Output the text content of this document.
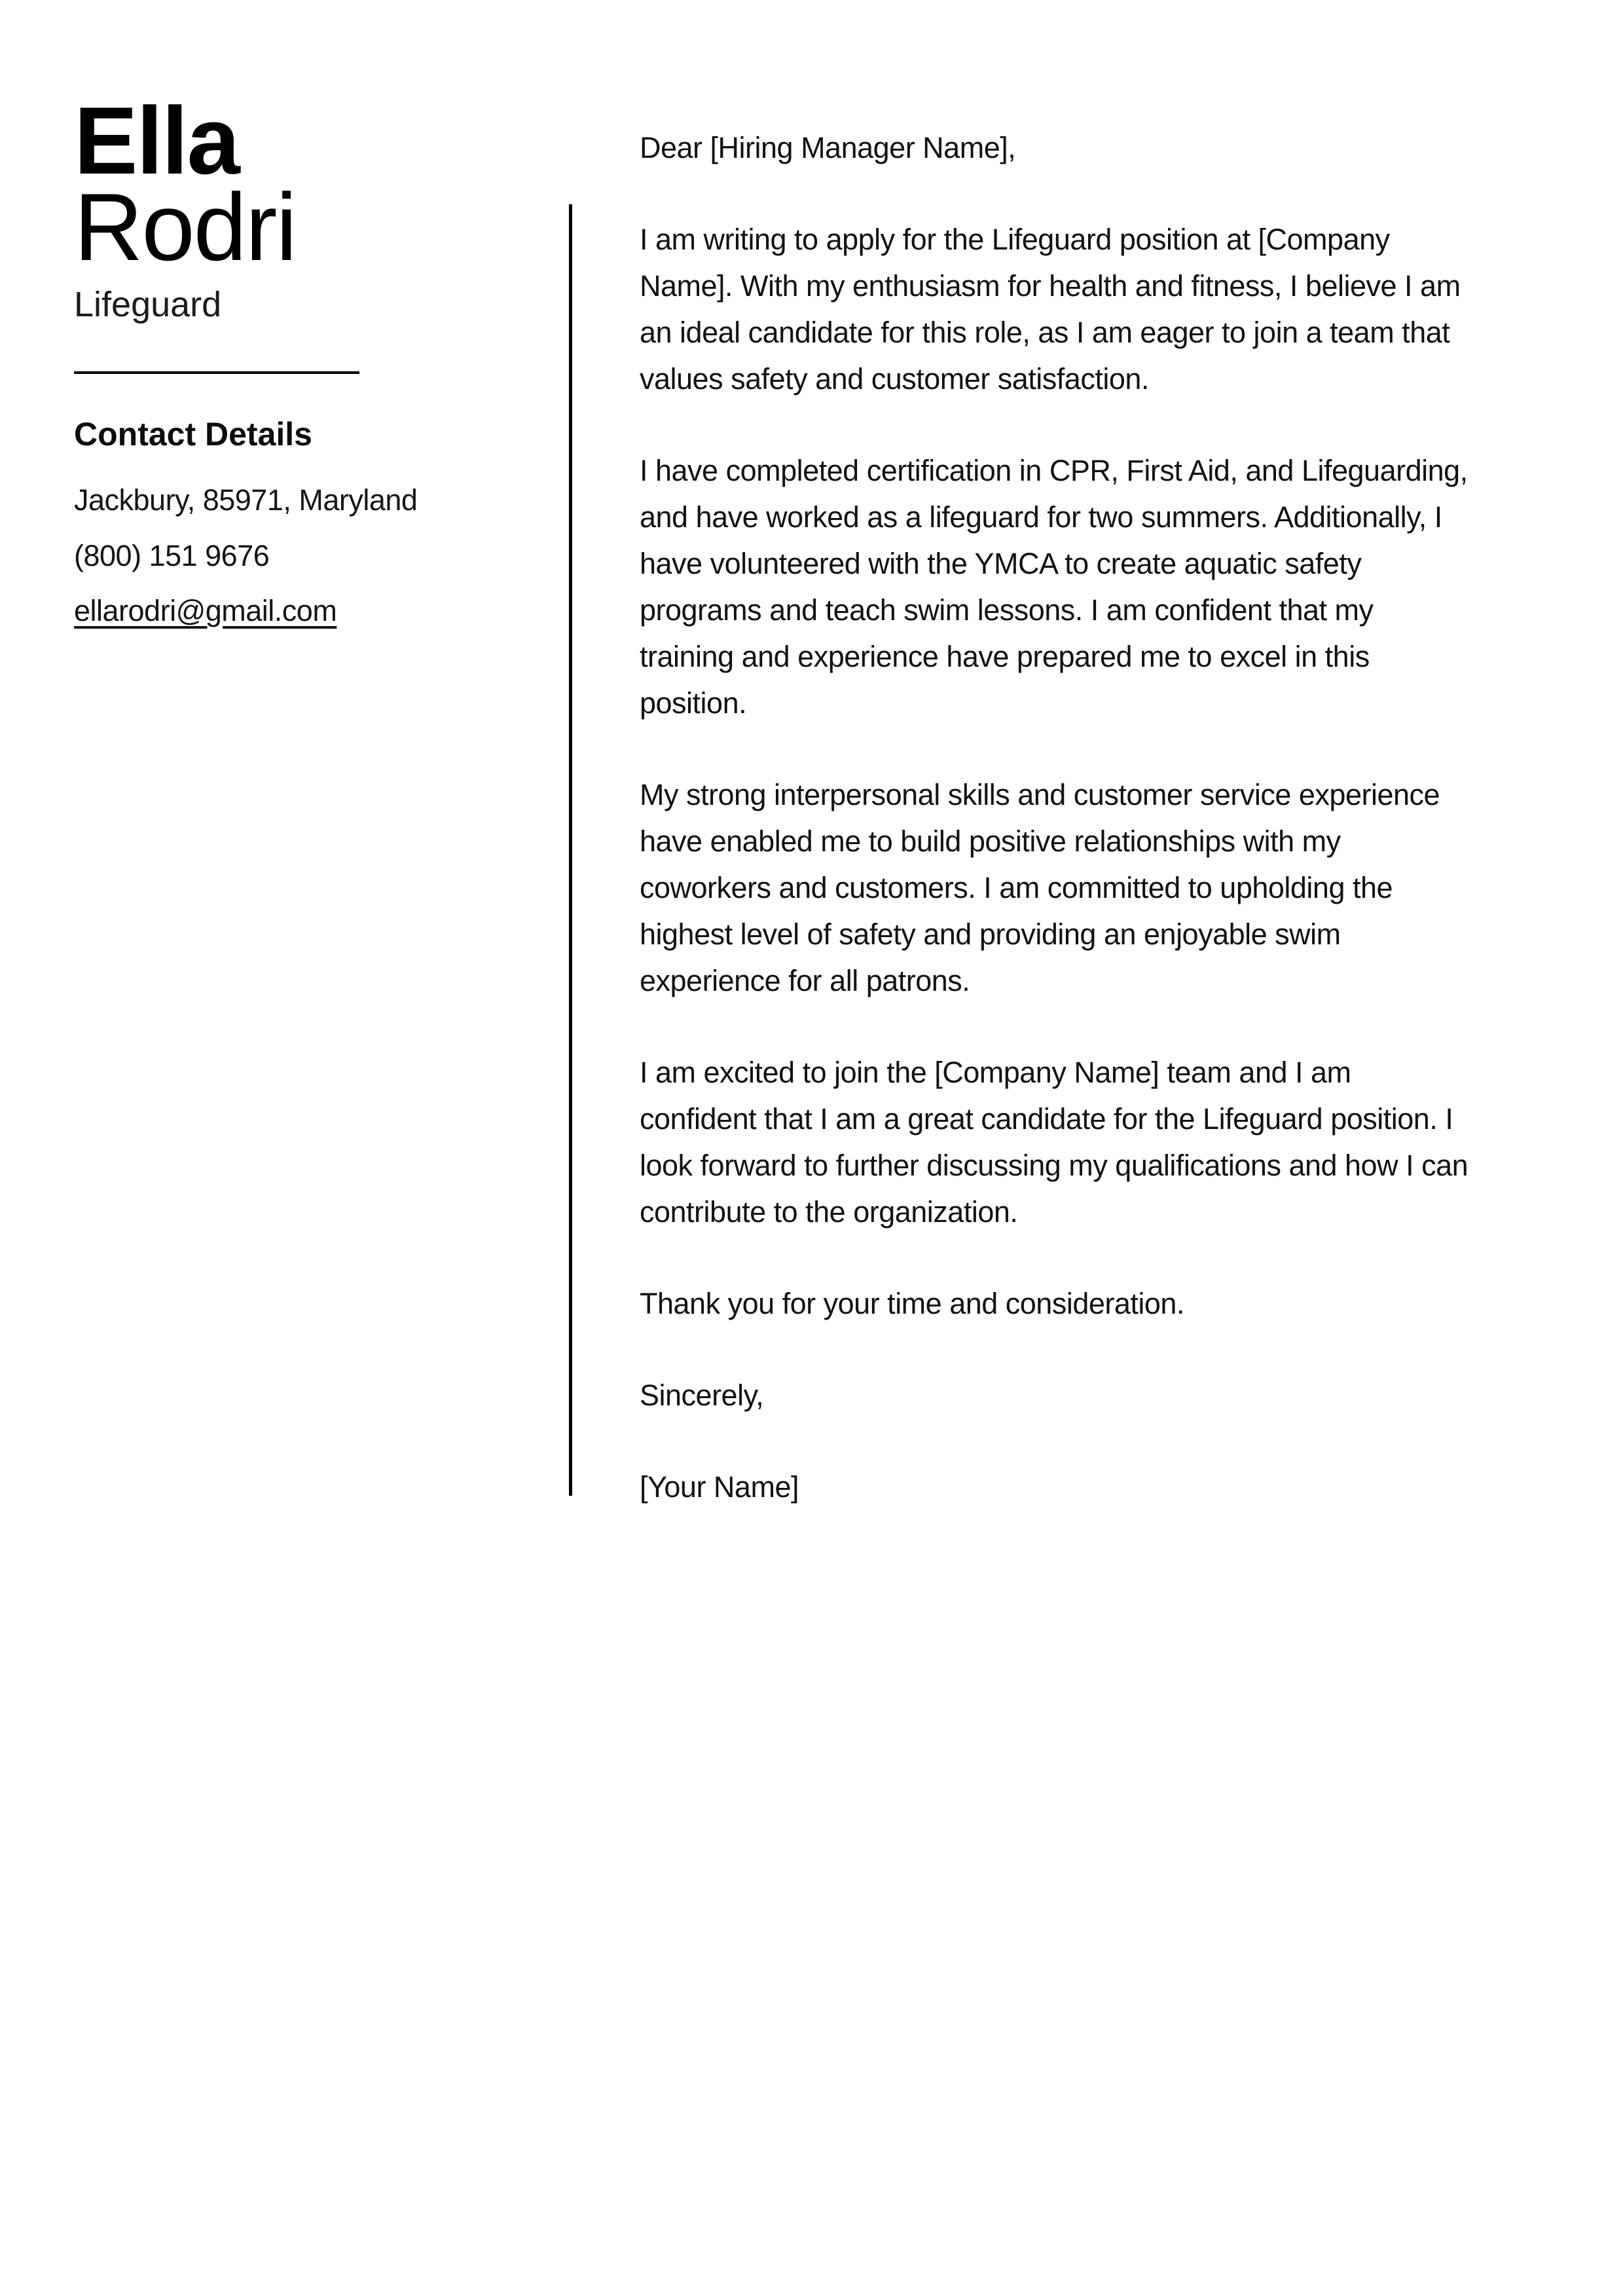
Ella
Rodri
Lifeguard
Contact Details
Jackbury, 85971, Maryland
(800) 151 9676
ellarodri@gmail.com

Dear [Hiring Manager Name],

I am writing to apply for the Lifeguard position at [Company Name]. With my enthusiasm for health and fitness, I believe I am an ideal candidate for this role, as I am eager to join a team that values safety and customer satisfaction.

I have completed certification in CPR, First Aid, and Lifeguarding, and have worked as a lifeguard for two summers. Additionally, I have volunteered with the YMCA to create aquatic safety programs and teach swim lessons. I am confident that my training and experience have prepared me to excel in this position.

My strong interpersonal skills and customer service experience have enabled me to build positive relationships with my coworkers and customers. I am committed to upholding the highest level of safety and providing an enjoyable swim experience for all patrons.

I am excited to join the [Company Name] team and I am confident that I am a great candidate for the Lifeguard position. I look forward to further discussing my qualifications and how I can contribute to the organization.

Thank you for your time and consideration.

Sincerely,

[Your Name]
